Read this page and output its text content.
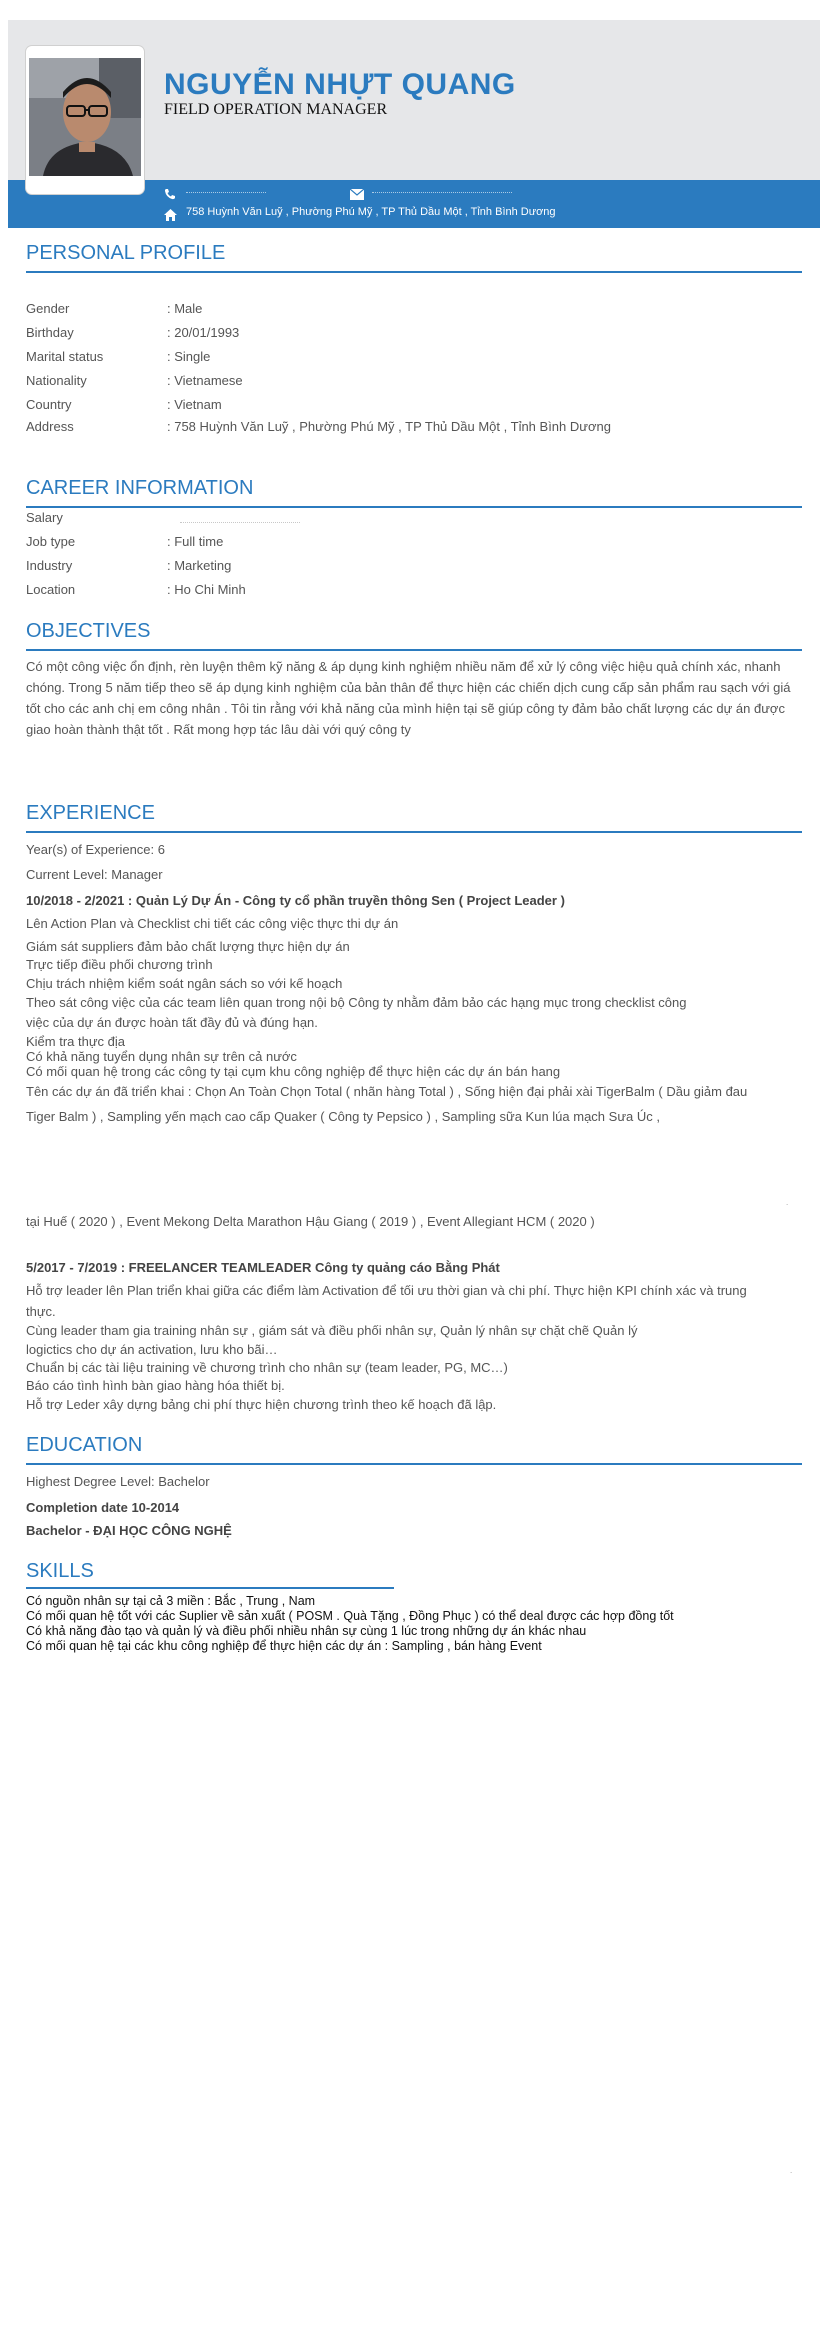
NGUYỄN NHỰT QUANG
FIELD OPERATION MANAGER
758 Huỳnh Văn Luỹ , Phường Phú Mỹ , TP Thủ Dầu Một , Tỉnh Bình Dương
PERSONAL PROFILE
Gender	: Male
Birthday	: 20/01/1993
Marital status	: Single
Nationality	: Vietnamese
Country	: Vietnam
Address	: 758 Huỳnh Văn Luỹ , Phường Phú Mỹ , TP Thủ Dầu Một , Tỉnh Bình Dương
CAREER INFORMATION
Salary
Job type	: Full time
Industry	: Marketing
Location	: Ho Chi Minh
OBJECTIVES
Có một công việc ổn định, rèn luyện thêm kỹ năng & áp dụng kinh nghiệm nhiều năm để xử lý công việc hiệu quả chính xác, nhanh chóng. Trong 5 năm tiếp theo sẽ áp dụng kinh nghiệm của bản thân để thực hiện các chiến dịch cung cấp sản phẩm rau sạch với giá tốt cho các anh chị em công nhân . Tôi tin rằng với khả năng của mình hiện tại sẽ giúp công ty đảm bảo chất lượng các dự án được giao hoàn thành thật tốt . Rất mong hợp tác lâu dài với quý công ty
EXPERIENCE
Year(s) of Experience: 6
Current Level: Manager
10/2018 - 2/2021 : Quản Lý Dự Án - Công ty cổ phần truyền thông Sen ( Project Leader )
Lên Action Plan và Checklist chi tiết các công việc thực thi dự án
Giám sát suppliers đảm bảo chất lượng thực hiện dự án
Trực tiếp điều phối chương trình
Chịu trách nhiệm kiểm soát ngân sách so với kế hoạch
Theo sát công việc của các team liên quan trong nội bộ Công ty nhằm đảm bảo các hạng mục trong checklist công
việc của dự án được hoàn tất đầy đủ và đúng hạn.
Kiểm tra thực địa
Có khả năng tuyển dụng nhân sự trên cả nước
Có mối quan hệ trong các công ty tại cụm khu công nghiệp để thực hiện các dự án bán hang
Tên các dự án đã triển khai : Chọn An Toàn Chọn Total ( nhãn hàng Total ) , Sống hiện đại phải xài TigerBalm ( Dầu giảm đau
Tiger Balm ) , Sampling yến mạch cao cấp Quaker ( Công ty Pepsico ) , Sampling sữa Kun lúa mạch Sưa Úc ,
.
tại Huế ( 2020 ) , Event Mekong Delta Marathon Hậu Giang ( 2019 ) , Event Allegiant HCM ( 2020 )
5/2017 - 7/2019 : FREELANCER TEAMLEADER Công ty quảng cáo Bằng Phát
Hỗ trợ leader lên Plan triển khai giữa các điểm làm Activation để tối ưu thời gian và chi phí. Thực hiện KPI chính xác và trung
thực.
Cùng leader tham gia training nhân sự , giám sát và điều phối nhân sự, Quản lý nhân sự chặt chẽ Quản lý
logictics cho dự án activation, lưu kho bãi…
Chuẩn bị các tài liệu training về chương trình cho nhân sự (team leader, PG, MC…)
Báo cáo tình hình bàn giao hàng hóa thiết bị.
Hỗ trợ Leder xây dựng bảng chi phí thực hiện chương trình theo kế hoạch đã lập.
EDUCATION
Highest Degree Level: Bachelor
Completion date 10-2014
Bachelor - ĐẠI HỌC CÔNG NGHỆ
SKILLS
Có nguồn nhân sự tại cả 3 miền : Bắc , Trung , Nam
Có mối quan hệ tốt với các Suplier về sản xuất ( POSM . Quà Tặng , Đồng Phục ) có thể deal được các hợp đồng tốt
Có khả năng đào tạo và quản lý và điều phối nhiều nhân sự cùng 1 lúc trong những dự án khác nhau
Có mối quan hệ tại các khu công nghiệp để thực hiện các dự án : Sampling , bán hàng Event
.
